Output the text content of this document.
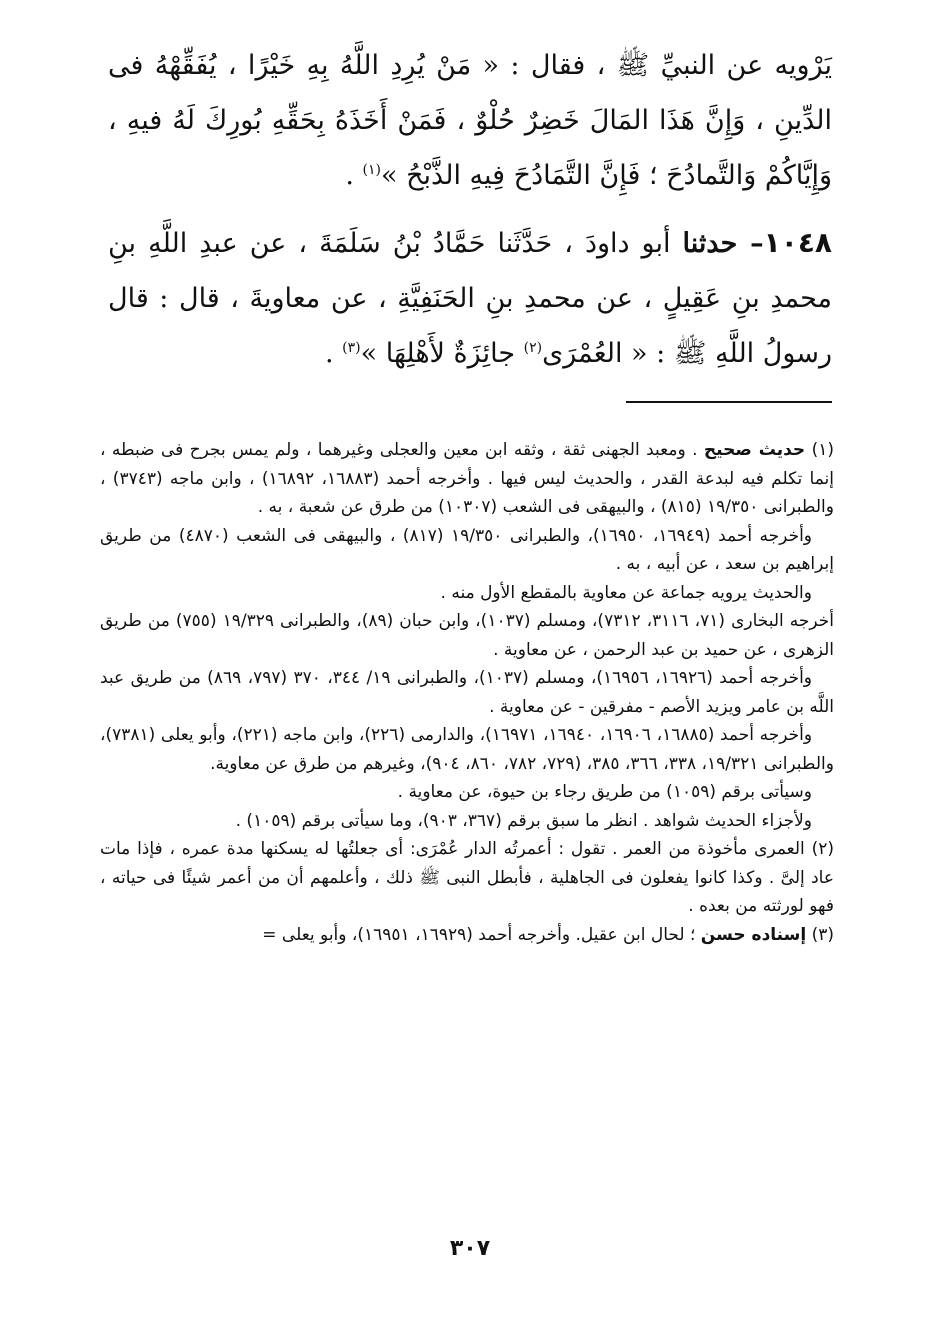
يَرْويه عن النبيِّ ﷺ ، فقال : « مَنْ يُرِدِ اللَّهُ بِهِ خَيْرًا ، يُفَقِّهْهُ فى الدِّينِ ، وَإِنَّ هَذَا المَالَ خَضِرٌ حُلْوٌ ، فَمَنْ أَخَذَهُ بِحَقِّهِ بُورِكَ لَهُ فيهِ ، وَإِيَّاكُمْ وَالتَّمادُحَ ؛ فَإِنَّ التَّمَادُحَ فِيهِ الذَّبْحُ »$^{(١)}$ .

١٠٤٨– حدثنا أبو داودَ ، حَدَّثَنا حَمَّادُ بْنُ سَلَمَةَ ، عن عبدِ اللَّهِ بنِ محمدِ بنِ عَقِيلٍ ، عن محمدِ بنِ الحَنَفِيَّةِ ، عن معاويةَ ، قال : قال رسولُ اللَّهِ ﷺ : « العُمْرَى$^{(٢)}$ جائِزَةٌ لأَهْلِهَا »$^{(٣)}$ .

(١) حديث صحيح . ومعبد الجهنى ثقة ، وثقه ابن معين والعجلى وغيرهما ، ولم يمس بجرح فى ضبطه ، إنما تكلم فيه لبدعة القدر ، والحديث ليس فيها . وأخرجه أحمد (١٦٨٨٣، ١٦٨٩٢) ، وابن ماجه (٣٧٤٣) ، والطبرانى ١٩/٣٥٠ (٨١٥) ، والبيهقى فى الشعب (١٠٣٠٧) من طرق عن شعبة ، به .

وأخرجه أحمد (١٦٩٤٩، ١٦٩٥٠)، والطبرانى ١٩/٣٥٠ (٨١٧) ، والبيهقى فى الشعب (٤٨٧٠) من طريق إبراهيم بن سعد ، عن أبيه ، به .

والحديث يرويه جماعة عن معاوية بالمقطع الأول منه .

أخرجه البخارى (٧١، ٣١١٦، ٧٣١٢)، ومسلم (١٠٣٧)، وابن حبان (٨٩)، والطبرانى ١٩/٣٢٩ (٧٥٥) من طريق الزهرى ، عن حميد بن عبد الرحمن ، عن معاوية .

وأخرجه أحمد (١٦٩٢٦، ١٦٩٥٦)، ومسلم (١٠٣٧)، والطبرانى ١٩/ ٣٤٤، ٣٧٠ (٧٩٧، ٨٦٩) من طريق عبد اللَّه بن عامر ويزيد الأصم - مفرقين - عن معاوية .

وأخرجه أحمد (١٦٨٨٥، ١٦٩٠٦، ١٦٩٤٠، ١٦٩٧١)، والدارمى (٢٢٦)، وابن ماجه (٢٢١)، وأبو يعلى (٧٣٨١)، والطبرانى ١٩/٣٢١، ٣٣٨، ٣٦٦، ٣٨٥، (٧٢٩، ٧٨٢، ٨٦٠، ٩٠٤)، وغيرهم من طرق عن معاوية.

وسيأتى برقم (١٠٥٩) من طريق رجاء بن حيوة، عن معاوية .

ولأجزاء الحديث شواهد . انظر ما سبق برقم (٣٦٧، ٩٠٣)، وما سيأتى برقم (١٠٥٩) .

(٢) العمرى مأخوذة من العمر . تقول : أعمرتُه الدار عُمْرَى: أى جعلتُها له يسكنها مدة عمره ، فإذا مات عاد إلىَّ . وكذا كانوا يفعلون فى الجاهلية ، فأبطل النبى ﷺ ذلك ، وأعلمهم أن من أعمر شيئًا فى حياته ، فهو لورثته من بعده .

(٣) إسناده حسن ؛ لحال ابن عقيل. وأخرجه أحمد (١٦٩٢٩، ١٦٩٥١)، وأبو يعلى =

٣٠٧
